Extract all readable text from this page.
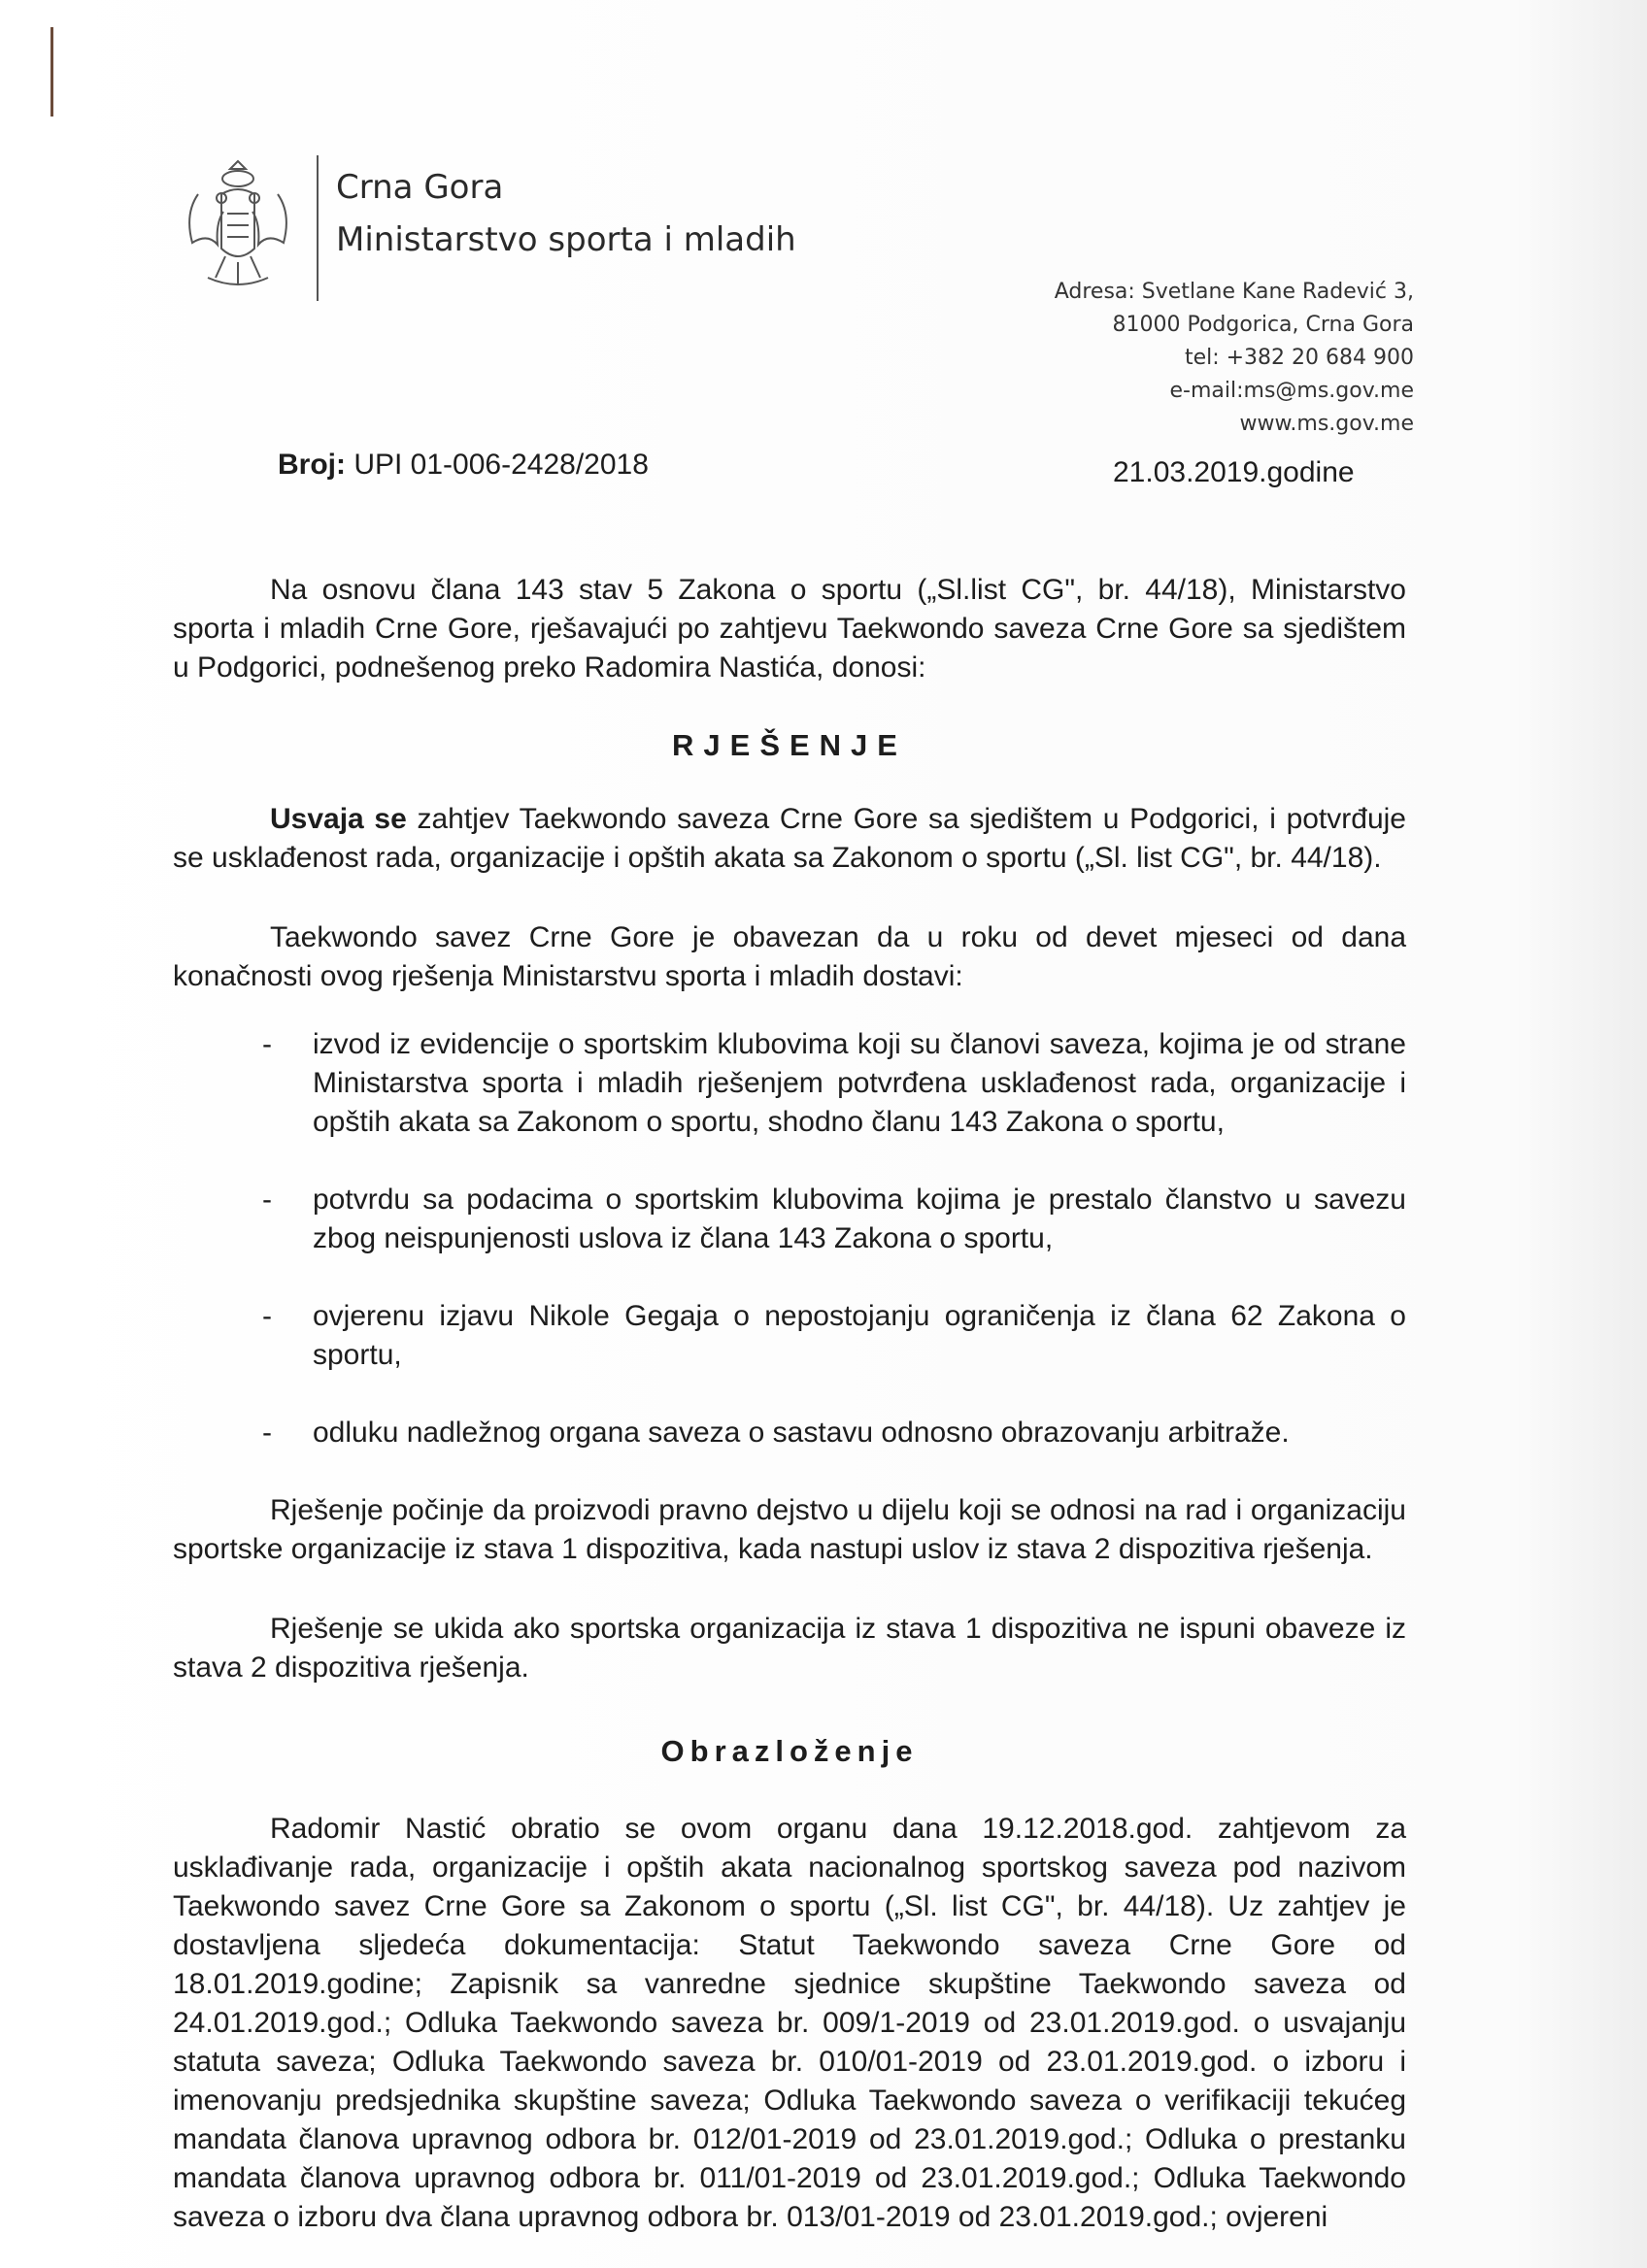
Crna Gora
Ministarstvo sporta i mladih
Adresa: Svetlane Kane Radević 3,
81000 Podgorica, Crna Gora
tel: +382 20 684 900
e-mail:ms@ms.gov.me
www.ms.gov.me
Broj: UPI 01-006-2428/2018	21.03.2019.godine

Na osnovu člana 143 stav 5 Zakona o sportu („Sl.list CG", br. 44/18), Ministarstvo sporta i mladih Crne Gore, rješavajući po zahtjevu Taekwondo saveza Crne Gore sa sjedištem u Podgorici, podnešenog preko Radomira Nastića, donosi:

RJEŠENJE

Usvaja se zahtjev Taekwondo saveza Crne Gore sa sjedištem u Podgorici, i potvrđuje se usklađenost rada, organizacije i opštih akata sa Zakonom o sportu („Sl. list CG", br. 44/18).

Taekwondo savez Crne Gore je obavezan da u roku od devet mjeseci od dana konačnosti ovog rješenja Ministarstvu sporta i mladih dostavi:

- izvod iz evidencije o sportskim klubovima koji su članovi saveza, kojima je od strane Ministarstva sporta i mladih rješenjem potvrđena usklađenost rada, organizacije i opštih akata sa Zakonom o sportu, shodno članu 143 Zakona o sportu,
- potvrdu sa podacima o sportskim klubovima kojima je prestalo članstvo u savezu zbog neispunjenosti uslova iz člana 143 Zakona o sportu,
- ovjerenu izjavu Nikole Gegaja o nepostojanju ograničenja iz člana 62 Zakona o sportu,
- odluku nadležnog organa saveza o sastavu odnosno obrazovanju arbitraže.

Rješenje počinje da proizvodi pravno dejstvo u dijelu koji se odnosi na rad i organizaciju sportske organizacije iz stava 1 dispozitiva, kada nastupi uslov iz stava 2 dispozitiva rješenja.

Rješenje se ukida ako sportska organizacija iz stava 1 dispozitiva ne ispuni obaveze iz stava 2 dispozitiva rješenja.

Obrazloženje

Radomir Nastić obratio se ovom organu dana 19.12.2018.god. zahtjevom za usklađivanje rada, organizacije i opštih akata nacionalnog sportskog saveza pod nazivom Taekwondo savez Crne Gore sa Zakonom o sportu („Sl. list CG", br. 44/18). Uz zahtjev je dostavljena sljedeća dokumentacija: Statut Taekwondo saveza Crne Gore od 18.01.2019.godine; Zapisnik sa vanredne sjednice skupštine Taekwondo saveza od 24.01.2019.god.; Odluka Taekwondo saveza br. 009/1-2019 od 23.01.2019.god. o usvajanju statuta saveza; Odluka Taekwondo saveza br. 010/01-2019 od 23.01.2019.god. o izboru i imenovanju predsjednika skupštine saveza; Odluka Taekwondo saveza o verifikaciji tekućeg mandata članova upravnog odbora br. 012/01-2019 od 23.01.2019.god.; Odluka o prestanku mandata članova upravnog odbora br. 011/01-2019 od 23.01.2019.god.; Odluka Taekwondo saveza o izboru dva člana upravnog odbora br. 013/01-2019 od 23.01.2019.god.; ovjereni
